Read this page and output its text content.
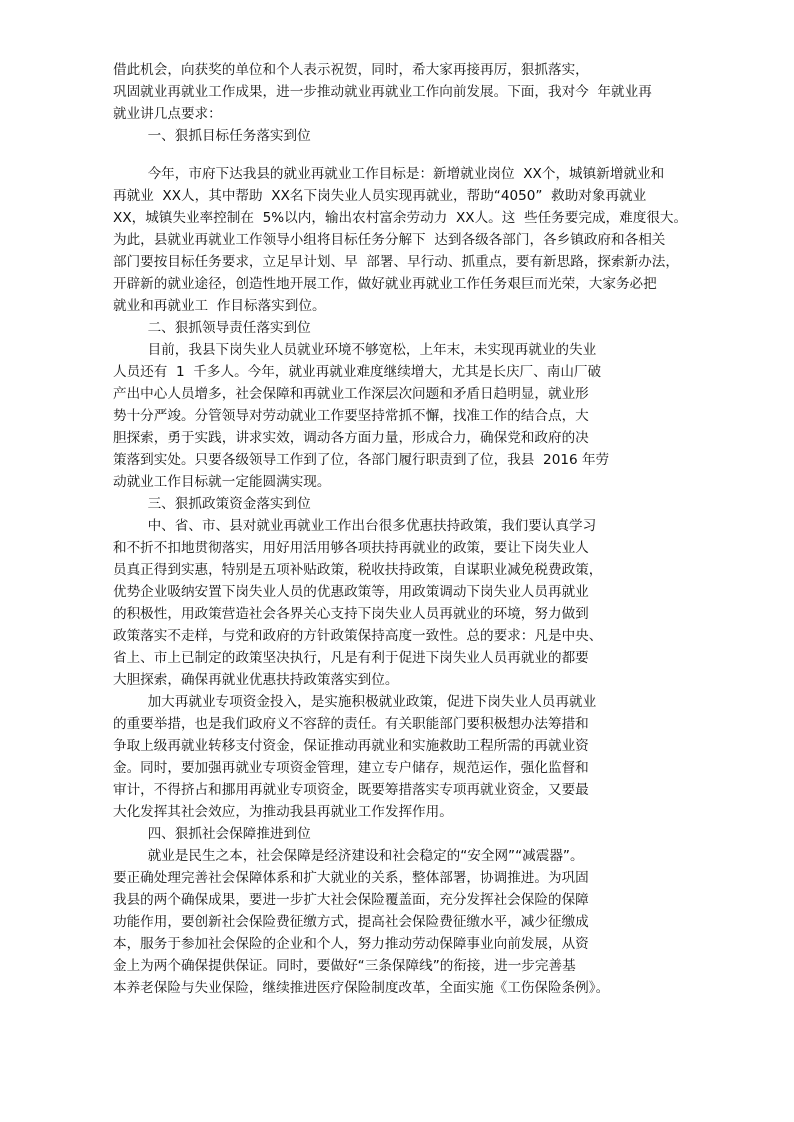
借此机会，向获奖的单位和个人表示祝贺，同时，希大家再接再厉，狠抓落实，
巩固就业再就业工作成果，进一步推动就业再就业工作向前发展。下面，我对今  年就业再
就业讲几点要求：
一、狠抓目标任务落实到位
今年，市府下达我县的就业再就业工作目标是：新增就业岗位  XX个，城镇新增就业和
再就业  XX人，其中帮助  XX名下岗失业人员实现再就业，帮助“4050”  救助对象再就业
XX，城镇失业率控制在  5%以内，输出农村富余劳动力  XX人。这  些任务要完成，难度很大。
为此，县就业再就业工作领导小组将目标任务分解下  达到各级各部门，各乡镇政府和各相关
部门要按目标任务要求，立足早计划、早  部署、早行动、抓重点，要有新思路，探索新办法，
开辟新的就业途径，创造性地开展工作，做好就业再就业工作任务艰巨而光荣，大家务必把
就业和再就业工  作目标落实到位。
二、狠抓领导责任落实到位
目前，我县下岗失业人员就业环境不够宽松，上年末，未实现再就业的失业
人员还有  1  千多人。今年，就业再就业难度继续增大，尤其是长庆厂、南山厂破
产出中心人员增多，社会保障和再就业工作深层次问题和矛盾日趋明显，就业形
势十分严竣。分管领导对劳动就业工作要坚持常抓不懈，找准工作的结合点，大
胆探索，勇于实践，讲求实效，调动各方面力量，形成合力，确保党和政府的决
策落到实处。只要各级领导工作到了位，各部门履行职责到了位，我县  2016 年劳
动就业工作目标就一定能圆满实现。
三、狠抓政策资金落实到位
中、省、市、县对就业再就业工作出台很多优惠扶持政策，我们要认真学习
和不折不扣地贯彻落实，用好用活用够各项扶持再就业的政策，要让下岗失业人
员真正得到实惠，特别是五项补贴政策，税收扶持政策，自谋职业减免税费政策，
优势企业吸纳安置下岗失业人员的优惠政策等，用政策调动下岗失业人员再就业
的积极性，用政策营造社会各界关心支持下岗失业人员再就业的环境，努力做到
政策落实不走样，与党和政府的方针政策保持高度一致性。总的要求：凡是中央、
省上、市上已制定的政策坚决执行，凡是有利于促进下岗失业人员再就业的都要
大胆探索，确保再就业优惠扶持政策落实到位。
加大再就业专项资金投入，是实施积极就业政策，促进下岗失业人员再就业
的重要举措，也是我们政府义不容辞的责任。有关职能部门要积极想办法筹措和
争取上级再就业转移支付资金，保证推动再就业和实施救助工程所需的再就业资
金。同时，要加强再就业专项资金管理，建立专户储存，规范运作，强化监督和
审计，不得挤占和挪用再就业专项资金，既要筹措落实专项再就业资金，又要最
大化发挥其社会效应，为推动我县再就业工作发挥作用。
四、狠抓社会保障推进到位
就业是民生之本，社会保障是经济建设和社会稳定的“安全网”“减震器”。
要正确处理完善社会保障体系和扩大就业的关系，整体部署，协调推进。为巩固
我县的两个确保成果，要进一步扩大社会保险覆盖面，充分发挥社会保险的保障
功能作用，要创新社会保险费征缴方式，提高社会保险费征缴水平，减少征缴成
本，服务于参加社会保险的企业和个人，努力推动劳动保障事业向前发展，从资
金上为两个确保提供保证。同时，要做好“三条保障线”的衔接，进一步完善基
本养老保险与失业保险，继续推进医疗保险制度改革，全面实施《工伤保险条例》。
